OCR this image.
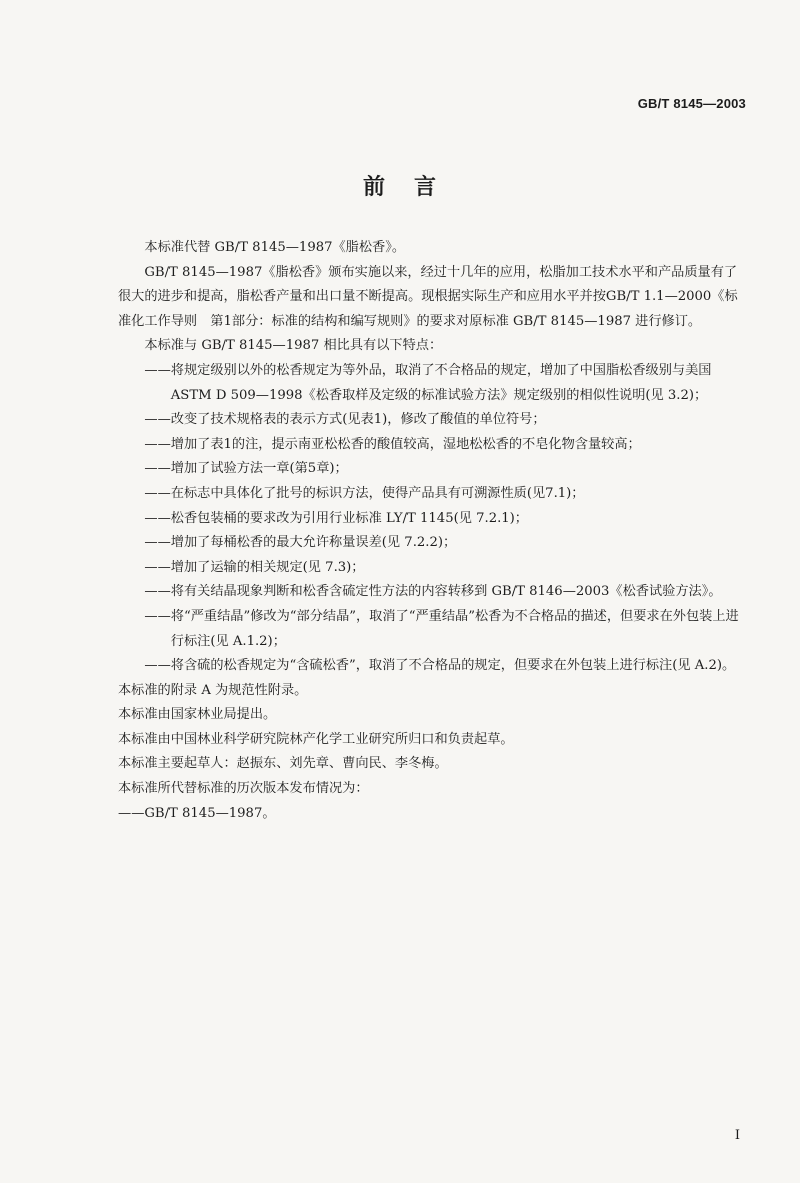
GB/T 8145—2003
前 言

本标准代替 GB/T 8145—1987《脂松香》。

GB/T 8145—1987《脂松香》颁布实施以来，经过十几年的应用，松脂加工技术水平和产品质量有了很大的进步和提高，脂松香产量和出口量不断提高。现根据实际生产和应用水平并按GB/T 1.1—2000《标准化工作导则　第1部分：标准的结构和编写规则》的要求对原标准 GB/T 8145—1987 进行修订。

本标准与 GB/T 8145—1987 相比具有以下特点：

——将规定级别以外的松香规定为等外品，取消了不合格品的规定，增加了中国脂松香级别与美国 ASTM D 509—1998《松香取样及定级的标准试验方法》规定级别的相似性说明(见 3.2)；

——改变了技术规格表的表示方式(见表1)，修改了酸值的单位符号；

——增加了表1的注，提示南亚松松香的酸值较高，湿地松松香的不皂化物含量较高；

——增加了试验方法一章(第5章)；

——在标志中具体化了批号的标识方法，使得产品具有可溯源性质(见7.1)；

——松香包装桶的要求改为引用行业标准 LY/T 1145(见 7.2.1)；

——增加了每桶松香的最大允许称量误差(见 7.2.2)；

——增加了运输的相关规定(见 7.3)；

——将有关结晶现象判断和松香含硫定性方法的内容转移到 GB/T 8146—2003《松香试验方法》。

——将“严重结晶”修改为“部分结晶”，取消了“严重结晶”松香为不合格品的描述，但要求在外包装上进行标注(见 A.1.2)；

——将含硫的松香规定为“含硫松香”，取消了不合格品的规定，但要求在外包装上进行标注(见 A.2)。

本标准的附录 A 为规范性附录。

本标准由国家林业局提出。

本标准由中国林业科学研究院林产化学工业研究所归口和负责起草。

本标准主要起草人：赵振东、刘先章、曹向民、李冬梅。

本标准所代替标准的历次版本发布情况为：

——GB/T 8145—1987。

I
